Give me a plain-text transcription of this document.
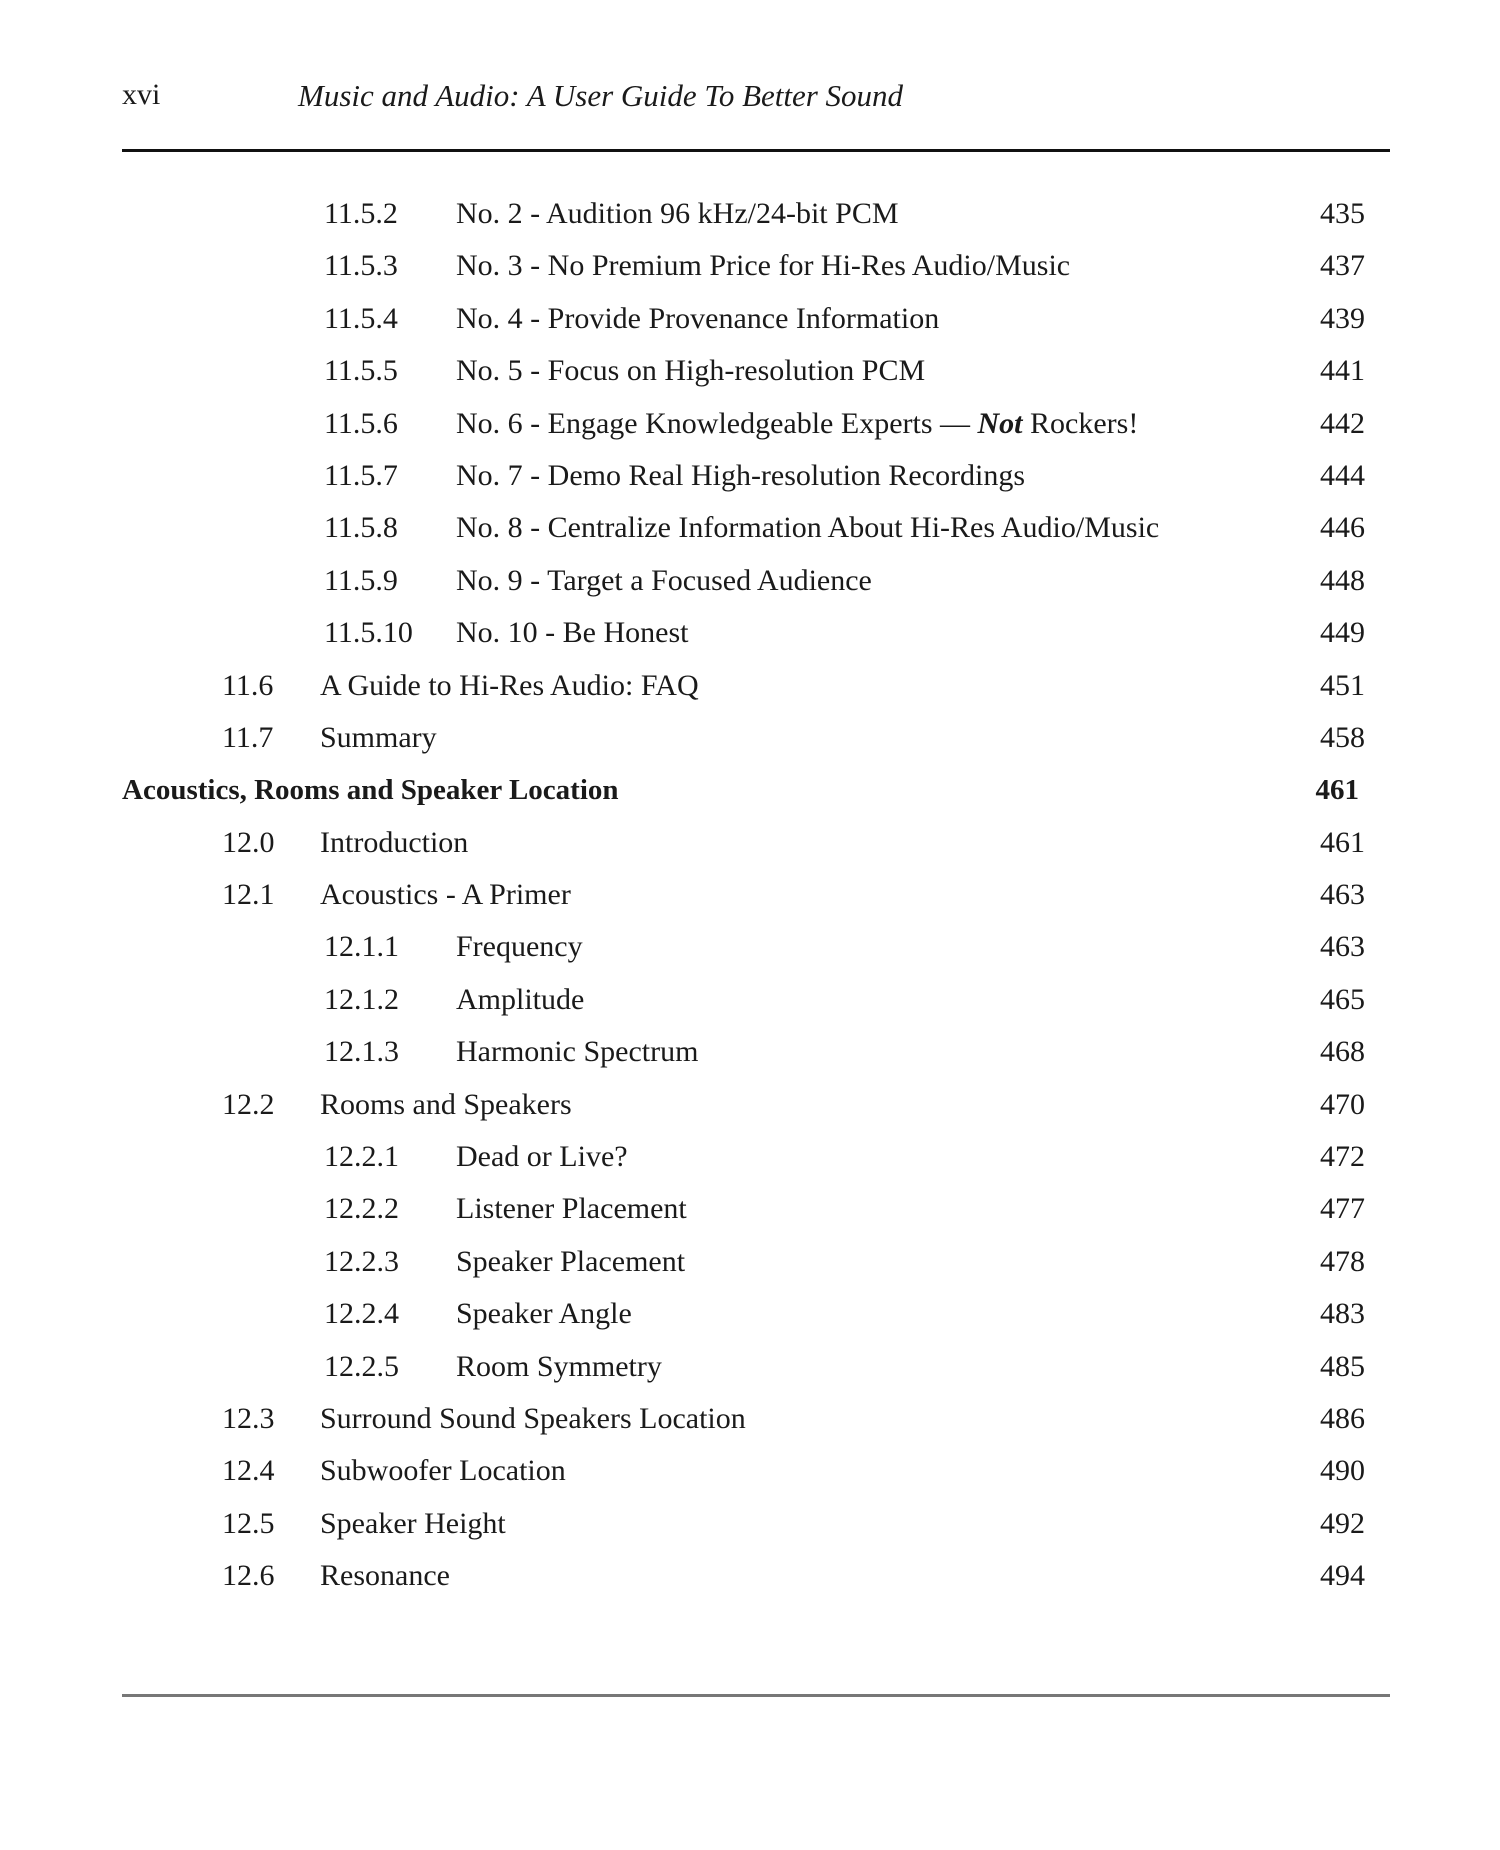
xvi	Music and Audio: A User Guide To Better Sound
11.5.2 No. 2 - Audition 96 kHz/24-bit PCM	435
11.5.3 No. 3 - No Premium Price for Hi-Res Audio/Music	437
11.5.4 No. 4 - Provide Provenance Information	439
11.5.5 No. 5 - Focus on High-resolution PCM	441
11.5.6 No. 6 - Engage Knowledgeable Experts — Not Rockers!	442
11.5.7 No. 7 - Demo Real High-resolution Recordings	444
11.5.8 No. 8 - Centralize Information About Hi-Res Audio/Music	446
11.5.9 No. 9 - Target a Focused Audience	448
11.5.10 No. 10 - Be Honest	449
11.6 A Guide to Hi-Res Audio: FAQ	451
11.7 Summary	458
Acoustics, Rooms and Speaker Location	461
12.0 Introduction	461
12.1 Acoustics - A Primer	463
12.1.1 Frequency	463
12.1.2 Amplitude	465
12.1.3 Harmonic Spectrum	468
12.2 Rooms and Speakers	470
12.2.1 Dead or Live?	472
12.2.2 Listener Placement	477
12.2.3 Speaker Placement	478
12.2.4 Speaker Angle	483
12.2.5 Room Symmetry	485
12.3 Surround Sound Speakers Location	486
12.4 Subwoofer Location	490
12.5 Speaker Height	492
12.6 Resonance	494
